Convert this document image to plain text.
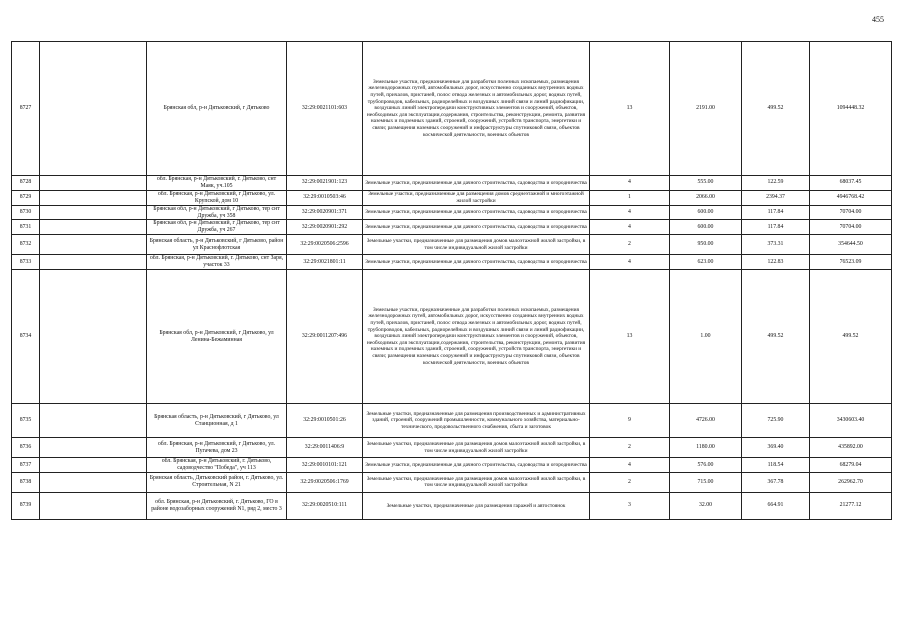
455
8727		Брянская обл, р-н Дятьковский, г Дятьково	32:29:0021101:603	Земельные участки, предназначенные для разработки полезных ископаемых, размещения железнодорожных путей, автомобильных дорог, искусственно созданных внутренних водных путей, причалов, пристаней, полос отвода железных и автомобильных дорог, водных путей, трубопроводов, кабельных, радиорелейных и воздушных линий связи и линий радиофикации, воздушных линий электропередачи конструктивных элементов и сооружений, объектов, необходимых для эксплуатации,содержания, строительства, реконструкции, ремонта, развития наземных и подземных зданий, строений, сооружений, устройств транспорта, энергетики и связи; размещения наземных сооружений и инфраструктуры спутниковой связи, объектов космической деятельности, военных объектов	13	2191.00	499.52	1094448.32
8728		обл. Брянская, р-н Дятьковский, г. Дятьково, снт Маяк, уч.105	32:29:0021901:123	Земельные участки, предназначенные для дачного строительства, садоводства и огородничества	4	555.00	122.59	68037.45
8729		обл. Брянская, р-н Дятьковский, г Дятьково, ул. Крупской, дом 10	32:29:0010503:46	Земельные участки, предназначенные для размещения домов среднеэтажной и многоэтажной жилой застройки	1	2066.00	2394.37	4946768.42
8730		Брянская обл, р-н Дятьковский, г Дятьково, тер снт Дружба, уч 358	32:29:0020901:371	Земельные участки, предназначенные для дачного строительства, садоводства и огородничества	4	600.00	117.84	70704.00
8731		Брянская обл, р-н Дятьковский, г Дятьково, тер снт Дружба, уч 267	32:29:0020901:292	Земельные участки, предназначенные для дачного строительства, садоводства и огородничества	4	600.00	117.84	70704.00
8732		Брянская область, р-н Дятьковский, г Дятьково, район ул Краснофлотская	32:29:0020506:2596	Земельные участки, предназначенные для размещения домов малоэтажной жилой застройки, в том числе индивидуальной жилой застройки	2	950.00	373.31	354644.50
8733		обл. Брянская, р-н Дятьковский, г. Дятьково, снт Заря, участок 33	32:29:0021801:11	Земельные участки, предназначенные для дачного строительства, садоводства и огородничества	4	623.00	122.83	76523.09
8734		Брянская обл, р-н Дятьковский, г Дятьково, ул Ленина-Бежаминная	32:29:0011207:496	Земельные участки, предназначенные для разработки полезных ископаемых, размещения железнодорожных путей, автомобильных дорог, искусственно созданных внутренних водных путей, причалов, пристаней, полос отвода железных и автомобильных дорог, водных путей, трубопроводов, кабельных, радиорелейных и воздушных линий связи и линий радиофикации, воздушных линий электропередачи конструктивных элементов и сооружений, объектов, необходимых для эксплуатации,содержания, строительства, реконструкции, ремонта, развития наземных и подземных зданий, строений, сооружений, устройств транспорта, энергетики и связи; размещения наземных сооружений и инфраструктуры спутниковой связи, объектов космической деятельности, военных объектов	13	1.00	499.52	499.52
8735		Брянская область, р-н Дятьковский, г Дятьково, ул Станционная, д 1	32:29:0010501:26	Земельные участки, предназначенные для размещения производственных и административных зданий, строений, сооружений промышленности, коммунального хозяйства, материально-технического, продовольственного снабжения, сбыта и заготовок	9	4726.00	725.90	3430603.40
8736		обл. Брянская, р-н Дятьковский, г Дятьково, ул. Пугачева, дом 23	32:29:0011406:9	Земельные участки, предназначенные для размещения домов малоэтажной жилой застройки, в том числе индивидуальной жилой застройки	2	1180.00	369.40	435892.00
8737		обл. Брянская, р-н Дятьковский, г. Дятьково, садоводчество "Победа", уч 113	32:29:0010101:121	Земельные участки, предназначенные для дачного строительства, садоводства и огородничества	4	576.00	118.54	68279.04
8738		Брянская область, Дятьковский район, г. Дятьково, ул. Строительная, N 21	32:29:0020506:1769	Земельные участки, предназначенные для размещения домов малоэтажной жилой застройки, в том числе индивидуальной жилой застройки	2	715.00	367.78	262962.70
8739		обл. Брянская, р-н Дятьковский, г. Дятьково, ГО в районе водозаборных сооружений N1, ряд 2, место 3	32:29:0020510:111	Земельные участки, предназначенные для размещения гаражей и автостоянок	3	32.00	664.91	21277.12
